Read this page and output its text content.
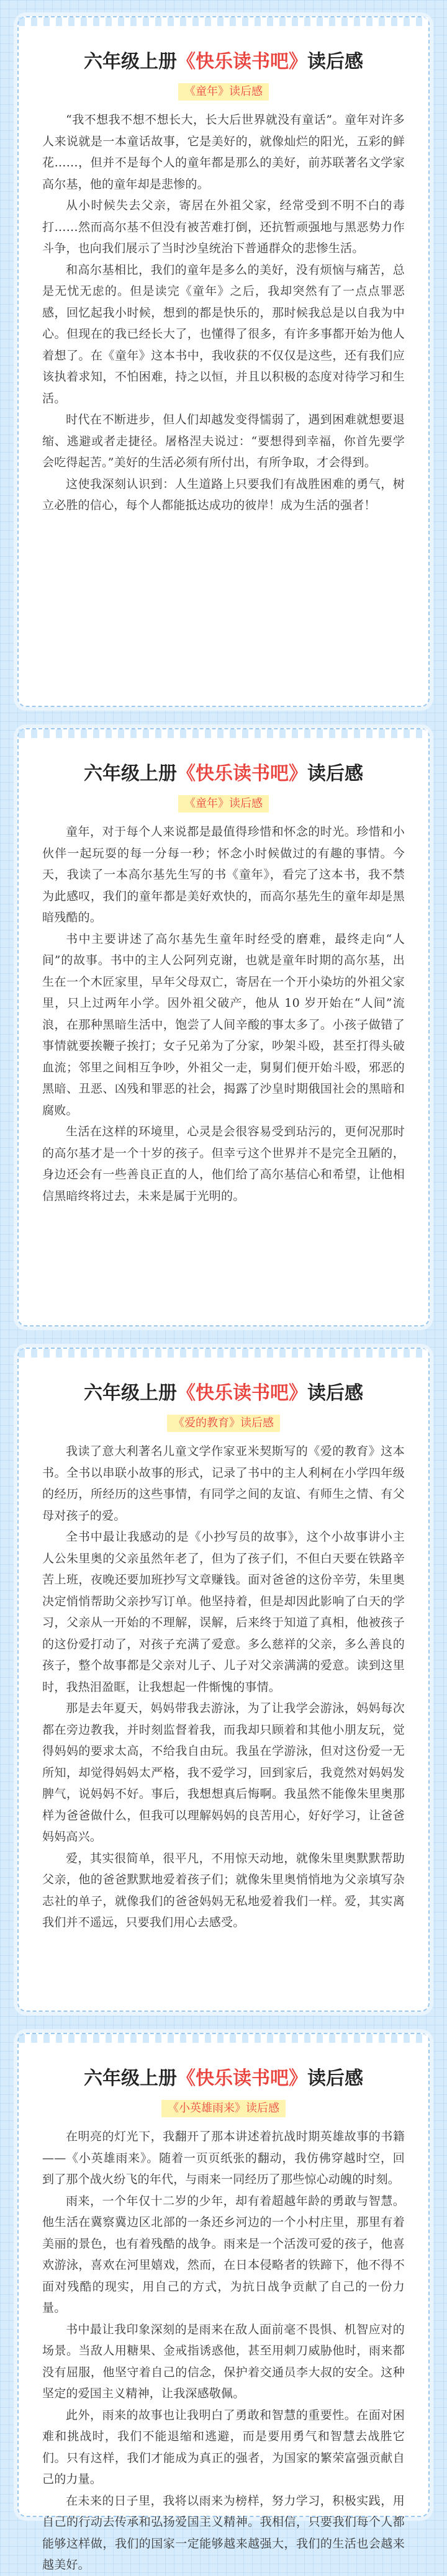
六年级上册《快乐读书吧》读后感
《童年》读后感

“我不想我不想不想长大，长大后世界就没有童话”。童年对许多人来说就是一本童话故事，它是美好的，就像灿烂的阳光，五彩的鲜花……，但并不是每个人的童年都是那么的美好，前苏联著名文学家高尔基，他的童年却是悲惨的。

从小时候失去父亲，寄居在外祖父家，经常受到不明不白的毒打……然而高尔基不但没有被苦难打倒，还抗暂顽强地与黑恶势力作斗争，也向我们展示了当时沙皇统治下普通群众的悲惨生活。

和高尔基相比，我们的童年是多么的美好，没有烦恼与痛苦，总是无忧无虑的。但是读完《童年》之后，我却突然有了一点点罪恶感，回忆起我小时候，想到的都是快乐的，那时候我总是以自我为中心。但现在的我已经长大了，也懂得了很多，有许多事都开始为他人着想了。在《童年》这本书中，我收获的不仅仅是这些，还有我们应该执着求知，不怕困难，持之以恒，并且以积极的态度对待学习和生活。

时代在不断进步，但人们却越发变得懦弱了，遇到困难就想要退缩、逃避或者走捷径。屠格涅夫说过：“要想得到幸福，你首先要学会吃得起苦。”美好的生活必须有所付出，有所争取，才会得到。

这使我深刻认识到：人生道路上只要我们有战胜困难的勇气，树立必胜的信心，每个人都能抵达成功的彼岸！成为生活的强者！

六年级上册《快乐读书吧》读后感
《童年》读后感

童年，对于每个人来说都是最值得珍惜和怀念的时光。珍惜和小伙伴一起玩耍的每一分每一秒；怀念小时候做过的有趣的事情。今天，我读了一本高尔基先生写的书《童年》，看完了这本书，我不禁为此感叹，我们的童年都是美好欢快的，而高尔基先生的童年却是黑暗残酷的。

书中主要讲述了高尔基先生童年时经受的磨难，最终走向“人间”的故事。书中的主人公阿列克谢，也就是童年时期的高尔基，出生在一个木匠家里，早年父母双亡，寄居在一个开小染坊的外祖父家里，只上过两年小学。因外祖父破产，他从 10 岁开始在“人间”流浪，在那种黑暗生活中，饱尝了人间辛酸的事太多了。小孩子做错了事情就要挨鞭子挨打；女子兄弟为了分家，吵架斗殴，甚至打得头破血流；邻里之间相互争吵，外祖父一走，舅舅们便开始斗殴，邪恶的黑暗、丑恶、凶残和罪恶的社会，揭露了沙皇时期俄国社会的黑暗和腐败。

生活在这样的环境里，心灵是会很容易受到玷污的，更何况那时的高尔基才是一个十岁的孩子。但幸亏这个世界并不是完全丑陋的，身边还会有一些善良正直的人，他们给了高尔基信心和希望，让他相信黑暗终将过去，未来是属于光明的。

六年级上册《快乐读书吧》读后感
《爱的教育》读后感

我读了意大利著名儿童文学作家亚米契斯写的《爱的教育》这本书。全书以串联小故事的形式，记录了书中的主人利柯在小学四年级的经历，所经历的这些事情，有同学之间的友谊、有师生之情、有父母对孩子的爱。

全书中最让我感动的是《小抄写员的故事》，这个小故事讲小主人公朱里奥的父亲虽然年老了，但为了孩子们，不但白天要在铁路辛苦上班，夜晚还要加班抄写文章赚钱。面对爸爸的这份辛劳，朱里奥决定悄悄帮助父亲抄写订单。他坚持着，但是却因此影响了白天的学习，父亲从一开始的不理解，误解，后来终于知道了真相，他被孩子的这份爱打动了，对孩子充满了爱意。多么慈祥的父亲，多么善良的孩子，整个故事都是父亲对儿子、儿子对父亲满满的爱意。读到这里时，我热泪盈眶，让我想起一件惭愧的事情。

那是去年夏天，妈妈带我去游泳，为了让我学会游泳，妈妈每次都在旁边教我，并时刻监督着我，而我却只顾着和其他小朋友玩，觉得妈妈的要求太高，不给我自由玩。我虽在学游泳，但对这份爱一无所知，却觉得妈妈太严格，我不爱学习，回到家后，我竟然对妈妈发脾气，说妈妈不好。事后，我想想真后悔啊。我虽然不能像朱里奥那样为爸爸做什么，但我可以理解妈妈的良苦用心，好好学习，让爸爸妈妈高兴。

爱，其实很简单，很平凡，不用惊天动地，就像朱里奥默默帮助父亲，他的爸爸默默地爱着孩子们；就像朱里奥悄悄地为父亲填写杂志社的单子，就像我们的爸爸妈妈无私地爱着我们一样。爱，其实离我们并不遥远，只要我们用心去感受。

六年级上册《快乐读书吧》读后感
《小英雄雨来》读后感

在明亮的灯光下，我翻开了那本讲述着抗战时期英雄故事的书籍——《小英雄雨来》。随着一页页纸张的翻动，我仿佛穿越时空，回到了那个战火纷飞的年代，与雨来一同经历了那些惊心动魄的时刻。

雨来，一个年仅十二岁的少年，却有着超越年龄的勇敢与智慧。他生活在冀察冀边区北部的一条还乡河边的一个小村庄里，那里有着美丽的景色，也有着残酷的战争。雨来是一个活泼可爱的孩子，他喜欢游泳，喜欢在河里嬉戏，然而，在日本侵略者的铁蹄下，他不得不面对残酷的现实，用自己的方式，为抗日战争贡献了自己的一份力量。

书中最让我印象深刻的是雨来在敌人面前毫不畏惧、机智应对的场景。当敌人用糖果、金戒指诱惑他，甚至用刺刀威胁他时，雨来都没有屈服，他坚守着自己的信念，保护着交通员李大叔的安全。这种坚定的爱国主义精神，让我深感敬佩。

此外，雨来的故事也让我明白了勇敢和智慧的重要性。在面对困难和挑战时，我们不能退缩和逃避，而是要用勇气和智慧去战胜它们。只有这样，我们才能成为真正的强者，为国家的繁荣富强贡献自己的力量。

在未来的日子里，我将以雨来为榜样，努力学习，积极实践，用自己的行动去传承和弘扬爱国主义精神。我相信，只要我们每个人都能够这样做，我们的国家一定能够越来越强大，我们的生活也会越来越美好。
